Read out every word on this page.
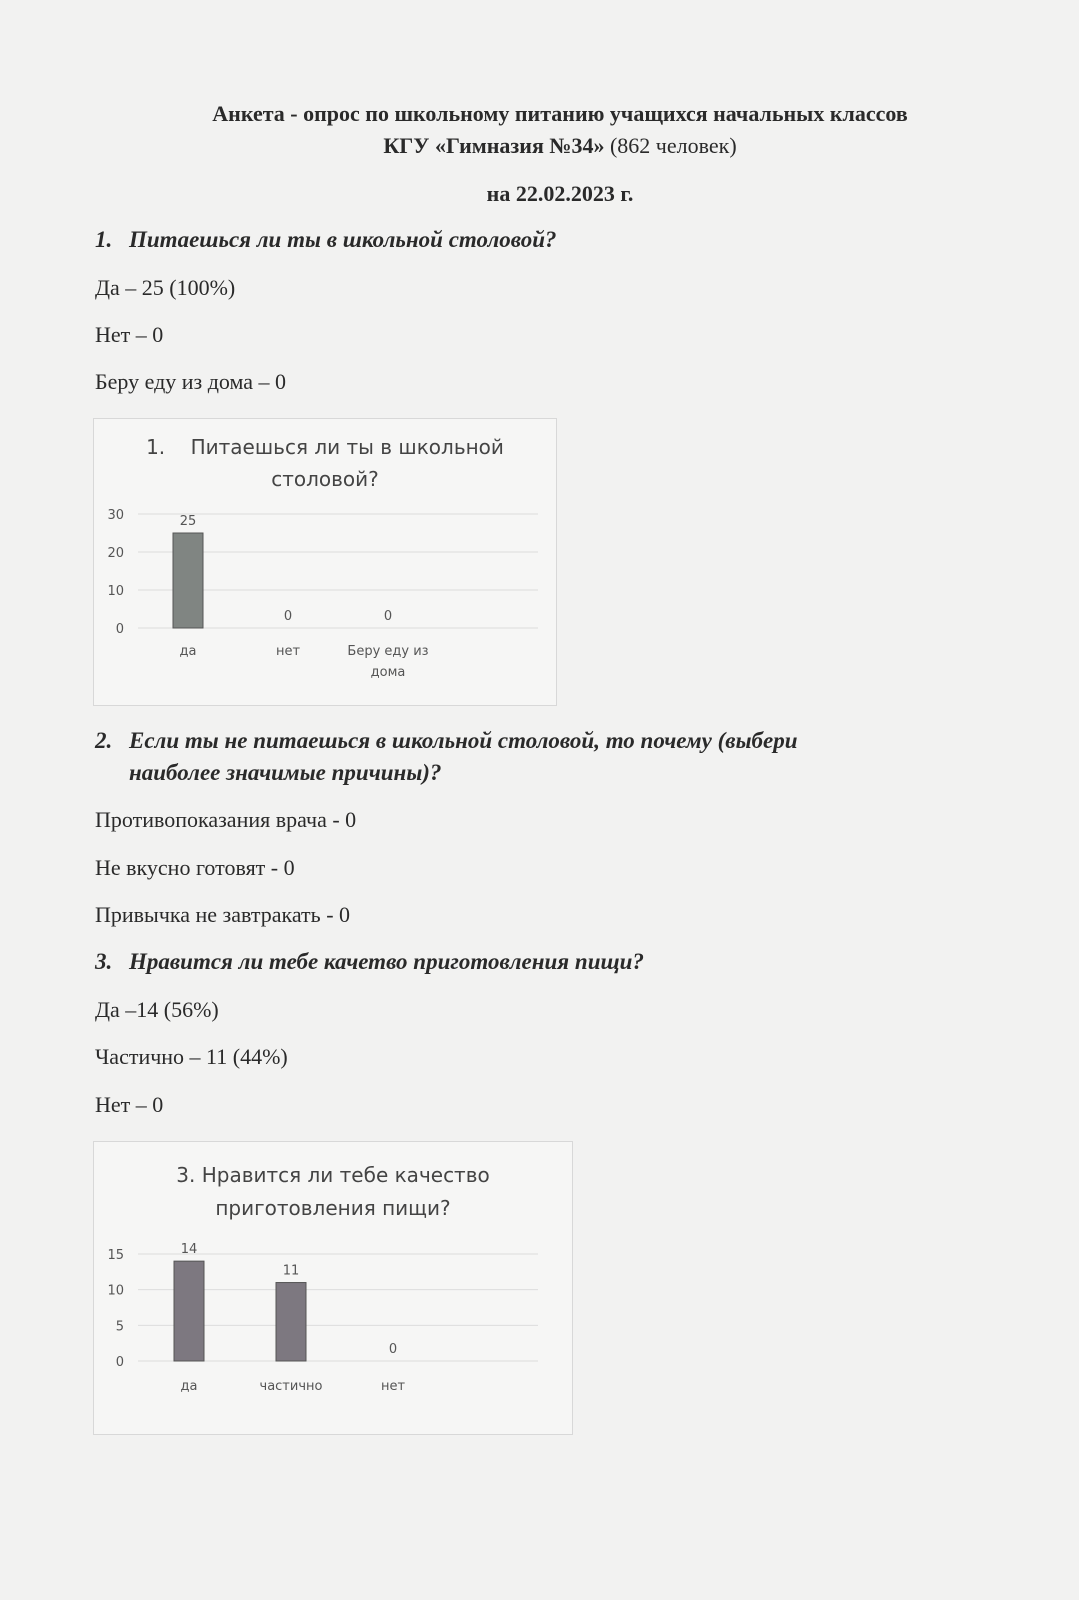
Анкета - опрос по школьному питанию учащихся начальных классов
КГУ «Гимназия №34» (862 человек)
на 22.02.2023 г.
1. Питаешься ли ты в школьной столовой?
Да – 25 (100%)
Нет – 0
Беру еду из дома – 0
1. Питаешься ли ты в школьной
столовой?
0
10
20
30	25
да
0
нет
0
Беру еду из
дома
2. Если ты не питаешься в школьной столовой, то почему (выбери
наиболее значимые причины)?
Противопоказания врача - 0
Не вкусно готовят - 0
Привычка не завтракать - 0
3. Нравится ли тебе качетво приготовления пищи?
Да –14 (56%)
Частично – 11 (44%)
Нет – 0
3. Нравится ли тебе качество
приготовления пищи?
0
5
10
15	14
да
11
частично
0
нет
